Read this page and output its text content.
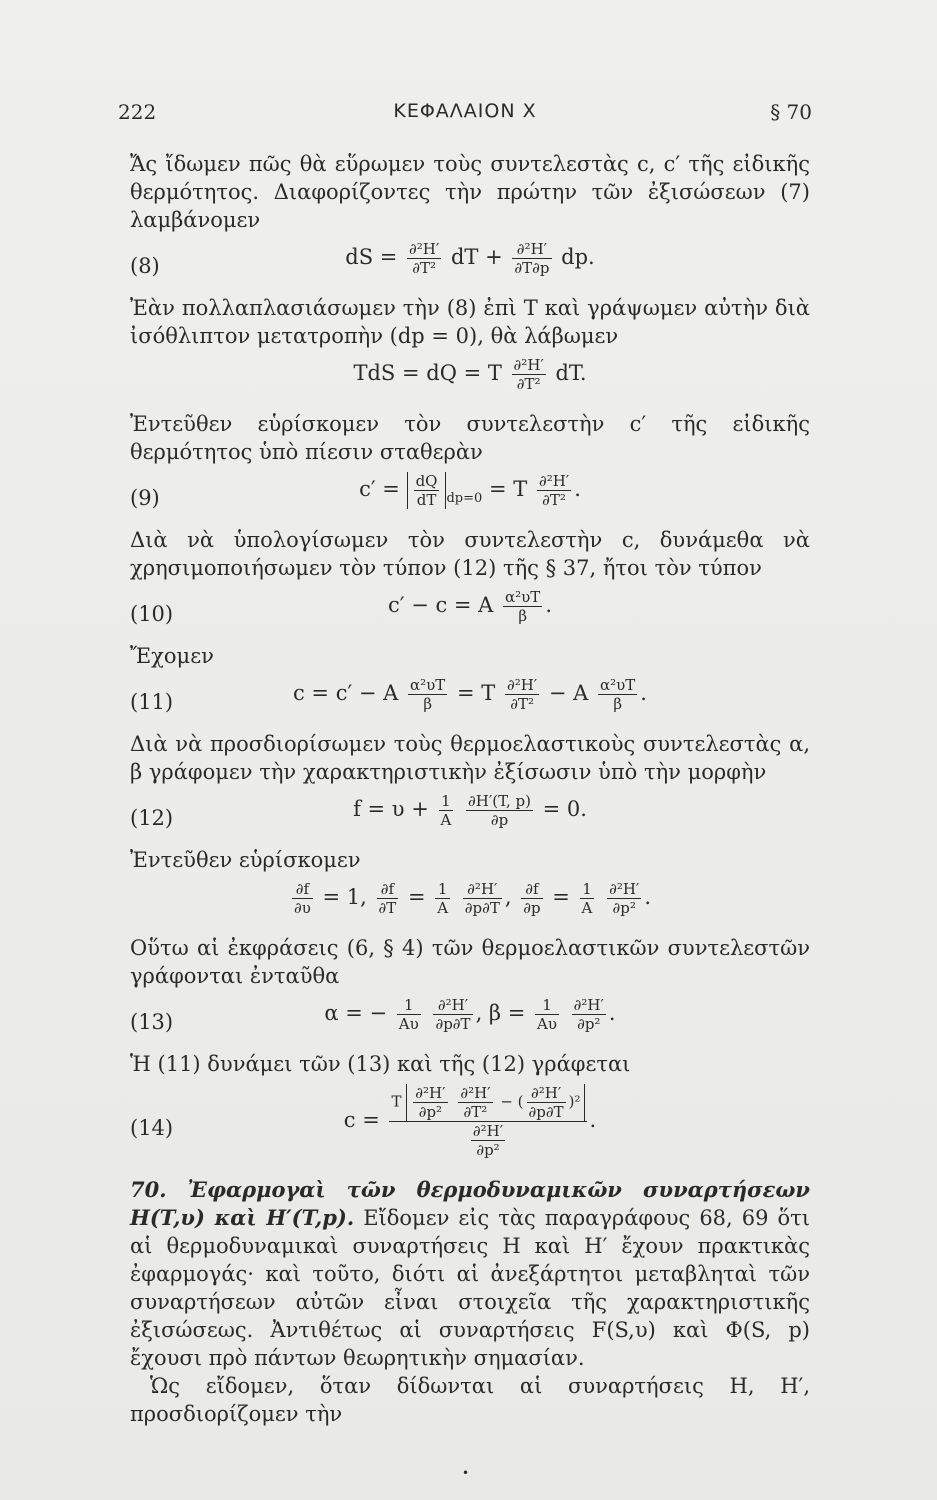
222	ΚΕΦΑΛΑΙΟΝ Χ	§ 70

Ἄς ἴδωμεν πῶς θὰ εὕρωμεν τοὺς συντελεστὰς c, c′ τῆς εἰδικῆς θερμότητος. Διαφορίζοντες τὴν πρώτην τῶν ἐξισώσεων (7) λαμβάνομεν

(8)	dS = $\frac{\text{∂²H′}}{\text{∂T²}}$ dT + $\frac{\text{∂²H′}}{\partial T\partial p}$ dp.

Ἐὰν πολλαπλασιάσωμεν τὴν (8) ἐπὶ T καὶ γράψωμεν αὐτὴν διὰ ἰσόθλιπτον μετατροπὴν (dp = 0), θὰ λάβωμεν

TdS = dQ = T $\frac{\text{∂²H′}}{\text{∂T²}}$ dT.

Ἐντεῦθεν εὑρίσκομεν τὸν συντελεστὴν c′ τῆς εἰδικῆς θερμότητος ὑπὸ πίεσιν σταθερὰν

(9)	$c' = \frac{dQ}{dT} _{dp=0} = T \frac{\text{∂²H′}}{\text{∂T²}}$ .

Διὰ νὰ ὑπολογίσωμεν τὸν συντελεστὴν c, δυνάμεθα νὰ χρησιμοποιήσωμεν τὸν τύπον (12) τῆς § 37, ἤτοι τὸν τύπον

(10)	c′ − c = A $\frac{\text{α²υT}}{\beta}$ .

Ἔχομεν

(11)	c = c′ − A $\frac{\text{α²υT}}{\beta} = T \frac{\text{∂²H′}}{\text{∂T²}} - A \frac{\text{α²υT}}{\beta}$ .

Διὰ νὰ προσδιορίσωμεν τοὺς θερμοελαστικοὺς συντελεστὰς α, β γράφομεν τὴν χαρακτηριστικὴν ἐξίσωσιν ὑπὸ τὴν μορφὴν

(12)	$f = \upsilon + \frac{1}{A}$
$\frac{\partial H'(T, p)}{\partial p} = 0$.

Ἐντεῦθεν εὑρίσκομεν

$\frac{\partial f}{\partial\upsilon} = 1$, $\frac{\partial f}{\partial T} = \frac{1}{A}$
$\frac{\text{∂²H′}}{\partial p\partial T}$ , $\frac{\partial f}{\partial p} = \frac{1}{A}$
$\frac{\text{∂²H′}}{\text{∂p²}}$ .

Οὕτω αἱ ἐκφράσεις (6, § 4) τῶν θερμοελαστικῶν συντελεστῶν γράφονται ἐνταῦθα

(13)	α = − $\frac{1}{A\upsilon}$
$\frac{\text{∂²H′}}{\partial p\partial T}$ , $\beta = \frac{1}{A\upsilon}$
$\frac{\text{∂²H′}}{\text{∂p²}}$ .

Ἡ (11) δυνάμει τῶν (13) καὶ τῆς (12) γράφεται

(14)	c = T $\frac{\text{∂²H′}}{\text{∂p²}}$
$\frac{\text{∂²H′}}{\text{∂T²}}$ − ( $\frac{\text{∂²H′}}{\partial p\partial T} )^2$
$\frac{\text{∂²H′}}{\text{∂p²}}$ .

70. Ἐφαρμογαὶ τῶν θερμοδυναμικῶν συναρτήσεων H(T,υ) καὶ H′(T,p). Εἴδομεν εἰς τὰς παραγράφους 68, 69 ὅτι αἱ θερμοδυναμικαὶ συναρτήσεις H καὶ H′ ἔχουν πρακτικὰς ἐφαρμογάς· καὶ τοῦτο, διότι αἱ ἀνεξάρτητοι μεταβληταὶ τῶν συναρτήσεων αὐτῶν εἶναι στοιχεῖα τῆς χαρακτηριστικῆς ἐξισώσεως. Ἀντιθέτως αἱ συναρτήσεις F(S,υ) καὶ Φ(S, p) ἔχουσι πρὸ πάντων θεωρητικὴν σημασίαν.

Ὡς εἴδομεν, ὅταν δίδωνται αἱ συναρτήσεις H, H′, προσδιορίζομεν τὴν

•
